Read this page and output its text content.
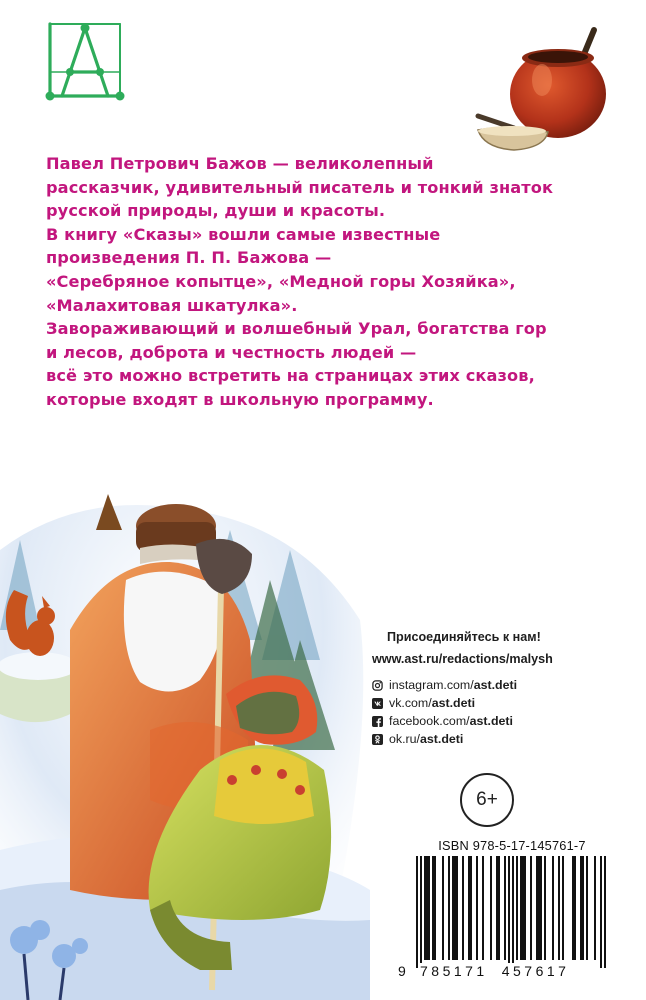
Павел Петрович Бажов — великолепный
рассказчик, удивительный писатель и тонкий знаток
русской природы, души и красоты.
В книгу «Сказы» вошли самые известные
произведения П. П. Бажова —
«Серебряное копытце», «Медной горы Хозяйка»,
«Малахитовая шкатулка».
Завораживающий и волшебный Урал, богатства гор
и лесов, доброта и честность людей —
всё это можно встретить на страницах этих сказов,
которые входят в школьную программу.
Присоединяйтесь к нам!
www.ast.ru/redactions/malysh
instagram.com/ ast.deti
vk.com/ ast.deti
facebook.com/ ast.deti
ok.ru/ ast.deti
6+
ISBN 978-5-17-145761-7
9	785171 457617
